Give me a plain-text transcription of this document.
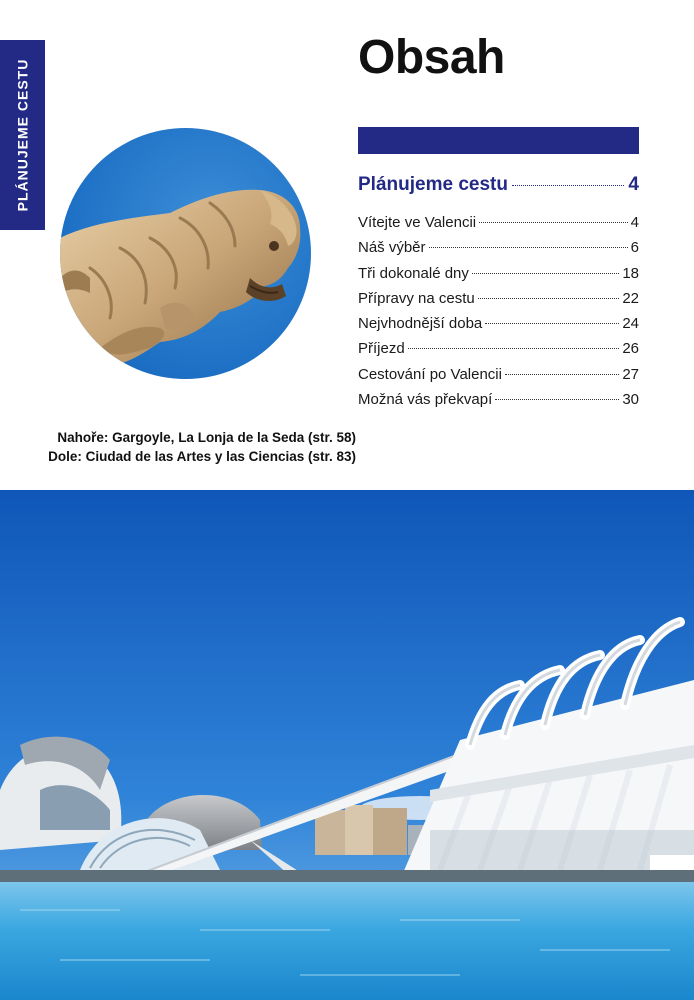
PLÁNUJEME CESTU
Obsah
Plánujeme cestu	4
Vítejte ve Valencii	4
Náš výběr	6
Tři dokonalé dny	18
Přípravy na cestu	22
Nejvhodnější doba	24
Příjezd	26
Cestování po Valencii	27
Možná vás překvapí	30
Nahoře: Gargoyle, La Lonja de la Seda (str. 58)
Dole: Ciudad de las Artes y las Ciencias (str. 83)
